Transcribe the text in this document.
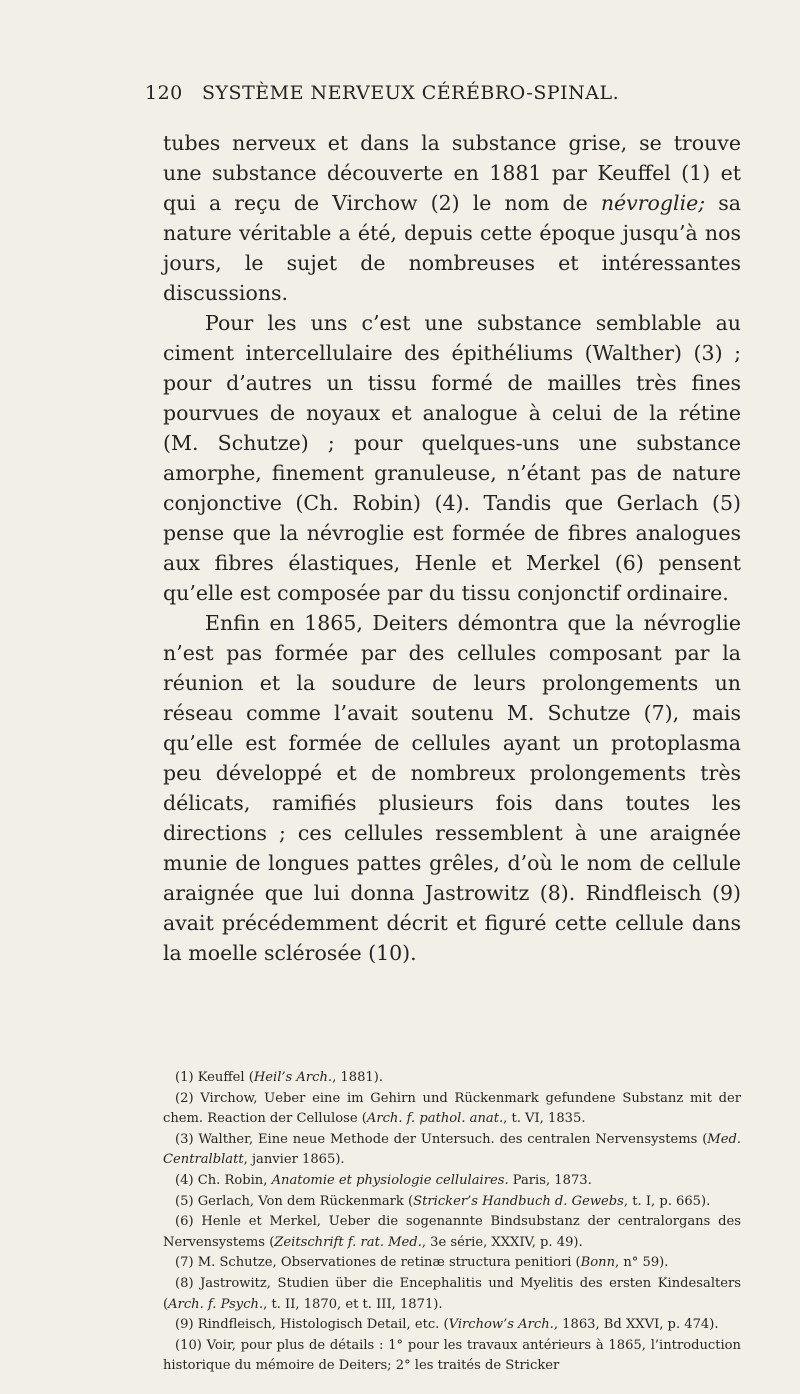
120 SYSTÈME NERVEUX CÉRÉBRO-SPINAL.

tubes nerveux et dans la substance grise, se trouve une substance découverte en 1881 par Keuffel (1) et qui a reçu de Virchow (2) le nom de névroglie; sa nature véritable a été, depuis cette époque jusqu’à nos jours, le sujet de nombreuses et intéressantes discussions.

Pour les uns c’est une substance semblable au ciment intercellulaire des épithéliums (Walther) (3) ; pour d’autres un tissu formé de mailles très fines pourvues de noyaux et analogue à celui de la rétine (M. Schutze) ; pour quelques-uns une substance amorphe, finement granuleuse, n’étant pas de nature conjonctive (Ch. Robin) (4). Tandis que Gerlach (5) pense que la névroglie est formée de fibres analogues aux fibres élastiques, Henle et Merkel (6) pensent qu’elle est composée par du tissu conjonctif ordinaire.

Enfin en 1865, Deiters démontra que la névroglie n’est pas formée par des cellules composant par la réunion et la soudure de leurs prolongements un réseau comme l’avait soutenu M. Schutze (7), mais qu’elle est formée de cellules ayant un protoplasma peu développé et de nombreux prolongements très délicats, ramifiés plusieurs fois dans toutes les directions ; ces cellules ressemblent à une araignée munie de longues pattes grêles, d’où le nom de cellule araignée que lui donna Jastrowitz (8). Rindfleisch (9) avait précédemment décrit et figuré cette cellule dans la moelle sclérosée (10).

(1) Keuffel (Heil’s Arch., 1881).

(2) Virchow, Ueber eine im Gehirn und Rückenmark gefundene Substanz mit der chem. Reaction der Cellulose (Arch. f. pathol. anat., t. VI, 1835.

(3) Walther, Eine neue Methode der Untersuch. des centralen Nervensystems (Med. Centralblatt, janvier 1865).

(4) Ch. Robin, Anatomie et physiologie cellulaires. Paris, 1873.

(5) Gerlach, Von dem Rückenmark (Stricker’s Handbuch d. Gewebs, t. I, p. 665).

(6) Henle et Merkel, Ueber die sogenannte Bindsubstanz der centralorgans des Nervensystems (Zeitschrift f. rat. Med., 3e série, XXXIV, p. 49).

(7) M. Schutze, Observationes de retinæ structura penitiori (Bonn, n° 59).

(8) Jastrowitz, Studien über die Encephalitis und Myelitis des ersten Kindesalters (Arch. f. Psych., t. II, 1870, et t. III, 1871).

(9) Rindfleisch, Histologisch Detail, etc. (Virchow’s Arch., 1863, Bd XXVI, p. 474).

(10) Voir, pour plus de détails : 1° pour les travaux antérieurs à 1865, l’introduction historique du mémoire de Deiters; 2° les traités de Stricker
